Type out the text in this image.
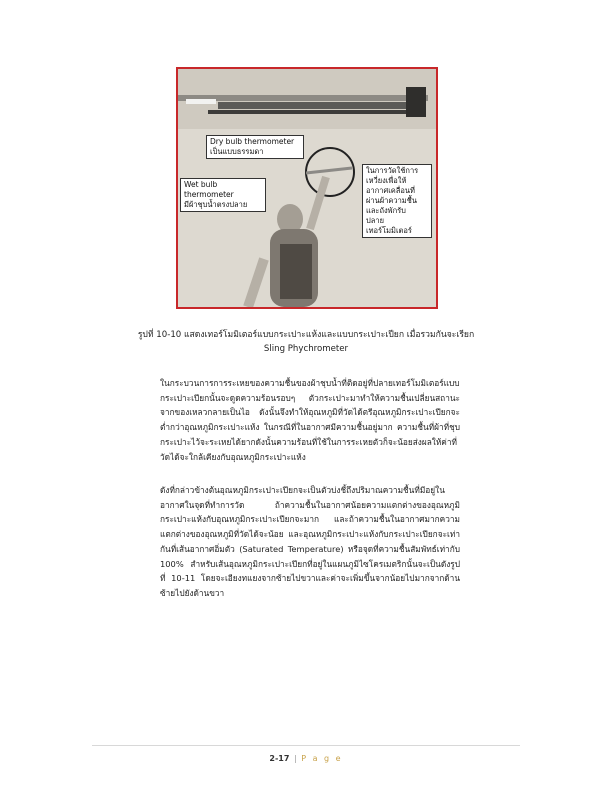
Dry bulb thermometer
เป็นแบบธรรมดา
Wet bulb thermometer
มีผ้าชุบน้ำตรงปลาย
ในการวัดใช้การ
เหวี่ยงเพื่อให้
อากาศเคลื่อนที่
ผ่านผ้าความชื้น
และถังพักรับ
ปลาย
เทอร์โมมิเตอร์
รูปที่ 10-10 แสดงเทอร์โมมิเตอร์แบบกระเปาะแห้งและแบบกระเปาะเปียก เมื่อรวมกันจะเรียก
Sling Phychrometer

ในกระบวนการการระเหยของความชื้นของผ้าชุบน้ำที่ติดอยู่ที่ปลายเทอร์โมมิเตอร์แบบกระเปาะเปียกนั้นจะดูดความร้อนรอบๆ ตัวกระเปาะมาทำให้ความชื้นเปลี่ยนสถานะจากของเหลวกลายเป็นไอ ดังนั้นจึงทำให้อุณหภูมิที่วัดได้ตรีอุณหภูมิกระเปาะเปียกจะต่ำกว่าอุณหภูมิกระเปาะแห้ง ในกรณีที่ในอากาศมีความชื้นอยู่มาก ความชื้นที่ผ้าที่ชุบกระเปาะไว้จะระเหยได้ยากดังนั้นความร้อนที่ใช้ในการระเหยตัวก็จะน้อยส่งผลให้ค่าที่วัดได้จะใกล้เคียงกับอุณหภูมิกระเปาะแห้ง

ดังที่กล่าวข้างต้นอุณหภูมิกระเปาะเปียกจะเป็นตัวบ่งชี้ถึงปริมาณความชื้นที่มีอยู่ในอากาศในจุดที่ทำการวัด ถ้าความชื้นในอากาศน้อยความแตกต่างของอุณหภูมิกระเปาะแห้งกับอุณหภูมิกระเปาะเปียกจะมาก และถ้าความชื้นในอากาศมากความแตกต่างของอุณหภูมิที่วัดได้จะน้อย และอุณหภูมิกระเปาะแห้งกับกระเปาะเปียกจะเท่ากันที่เส้นอากาศอิ่มตัว (Saturated Temperature) หรือจุดที่ความชื้นสัมพัทธ์เท่ากับ 100% สำหรับเส้นอุณหภูมิกระเปาะเปียกที่อยู่ในแผนภูมิไซโครเมตริกนั้นจะเป็นดังรูปที่ 10-11 โดยจะเอียงทแยงจากซ้ายไปขวาและค่าจะเพิ่มขึ้นจากน้อยไปมากจากด้านซ้ายไปยังด้านขวา

2-17 | P a g e
